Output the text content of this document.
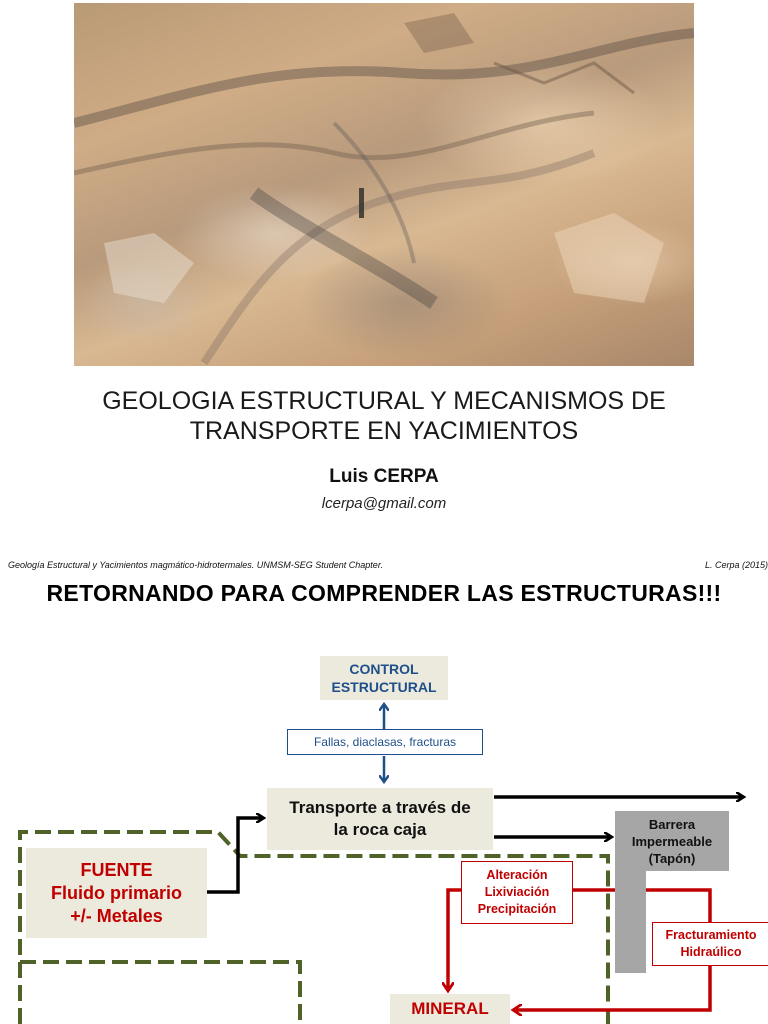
GEOLOGIA ESTRUCTURAL Y MECANISMOS DE
TRANSPORTE EN YACIMIENTOS
Luis CERPA
lcerpa@gmail.com
Geología Estructural y Yacimientos magmático-hidrotermales. UNMSM-SEG Student Chapter.	L. Cerpa (2015)
RETORNANDO PARA COMPRENDER LAS ESTRUCTURAS!!!
CONTROL
ESTRUCTURAL
Fallas, diaclasas, fracturas
Transporte a través de
la roca caja
FUENTE
Fluido primario
+/- Metales
Barrera
Impermeable
(Tapón)
Alteración
Lixiviación
Precipitación
Fracturamiento
Hidraúlico
MINERAL
